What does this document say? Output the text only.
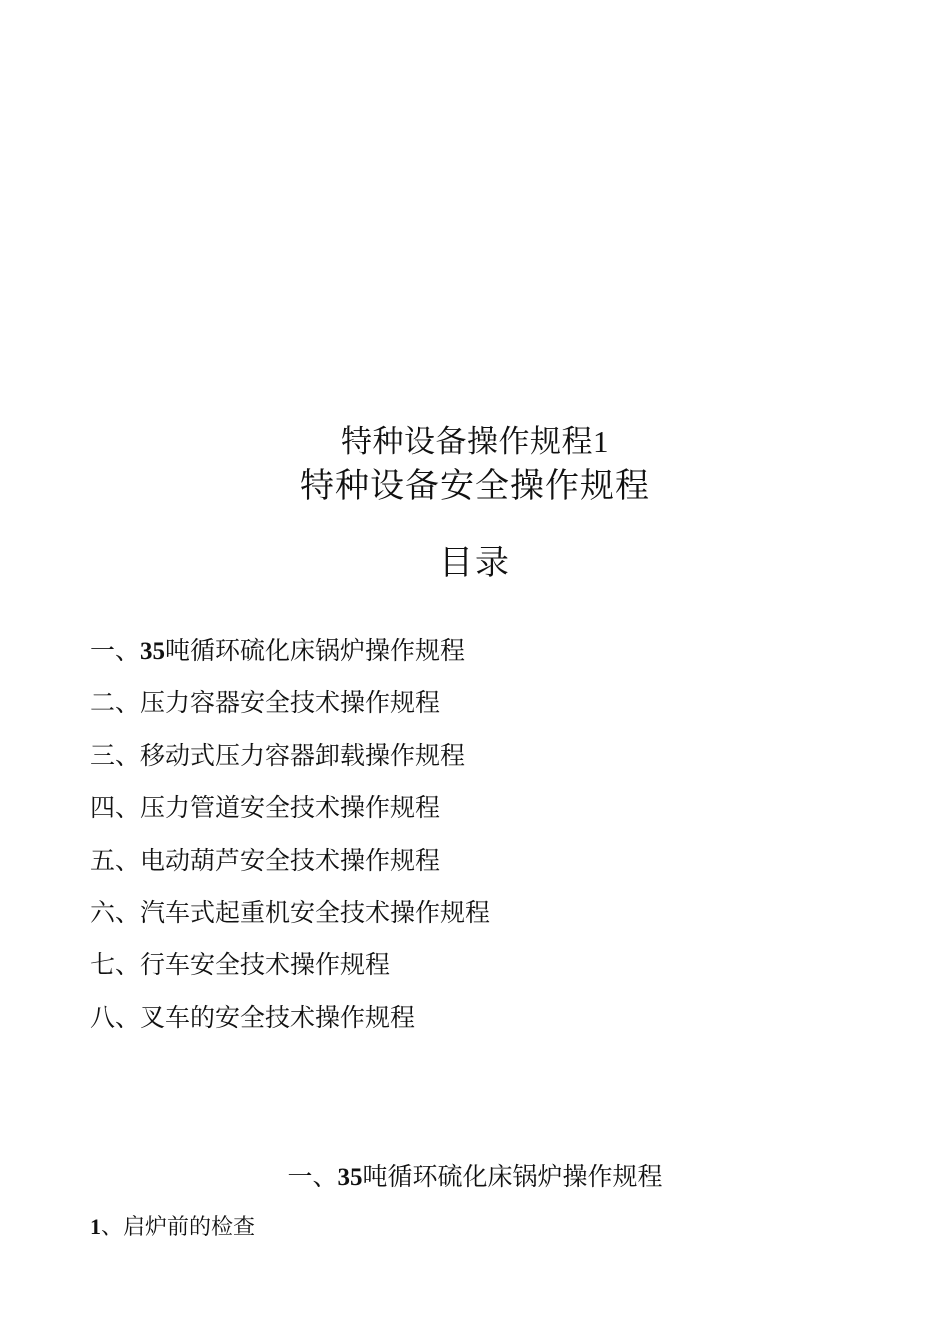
特种设备操作规程1
特种设备安全操作规程
目录
一、35吨循环硫化床锅炉操作规程
二、压力容器安全技术操作规程
三、移动式压力容器卸载操作规程
四、压力管道安全技术操作规程
五、电动葫芦安全技术操作规程
六、汽车式起重机安全技术操作规程
七、行车安全技术操作规程
八、叉车的安全技术操作规程
一、35吨循环硫化床锅炉操作规程
1、启炉前的检查
